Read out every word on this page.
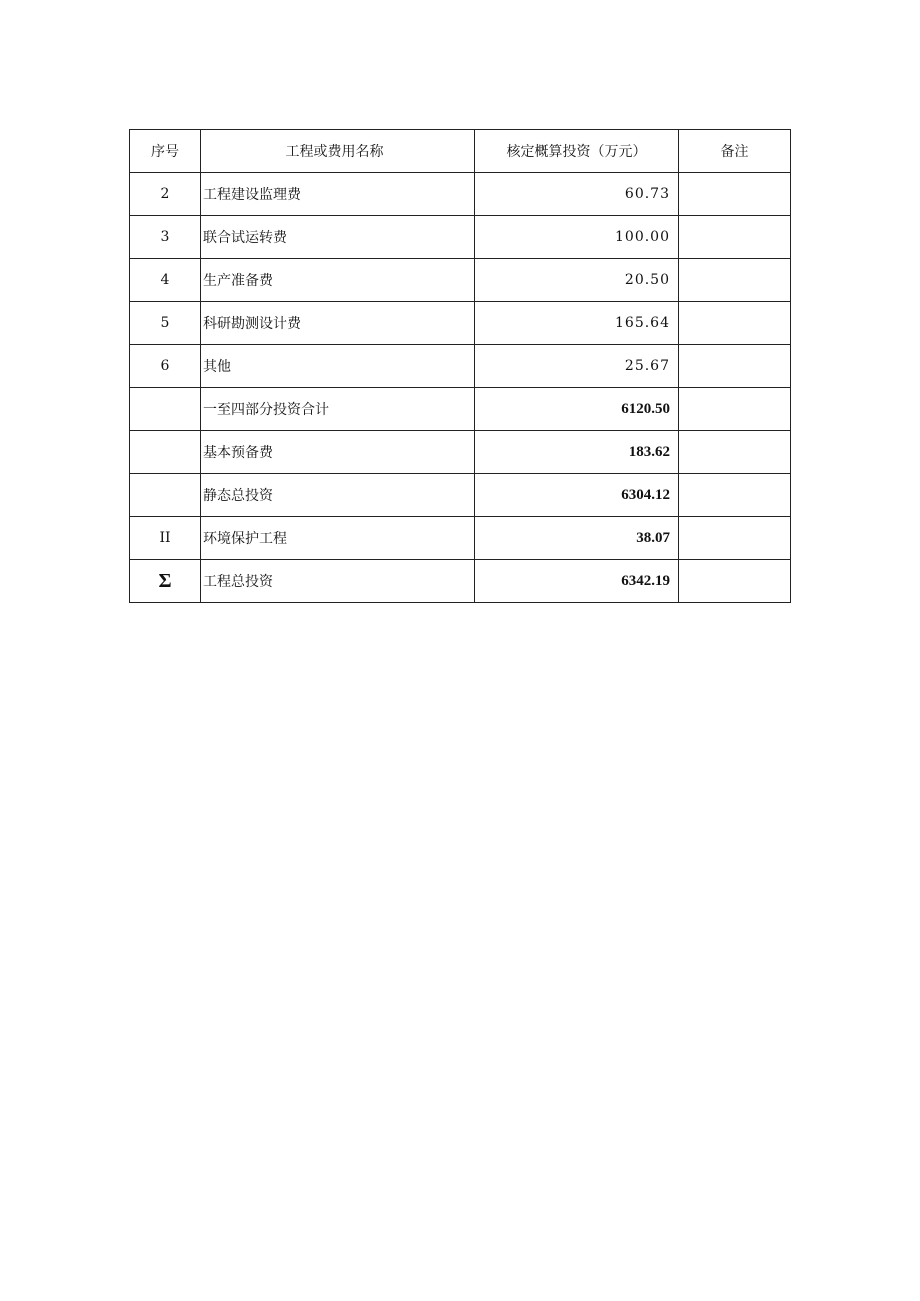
序号	工程或费用名称	核定概算投资（万元）	备注
2	工程建设监理费	60.73	
3	联合试运转费	100.00	
4	生产准备费	20.50	
5	科研勘测设计费	165.64	
6	其他	25.67	
	一至四部分投资合计	6120.50	
	基本预备费	183.62	
	静态总投资	6304.12	
II	环境保护工程	38.07	
Σ	工程总投资	6342.19	
